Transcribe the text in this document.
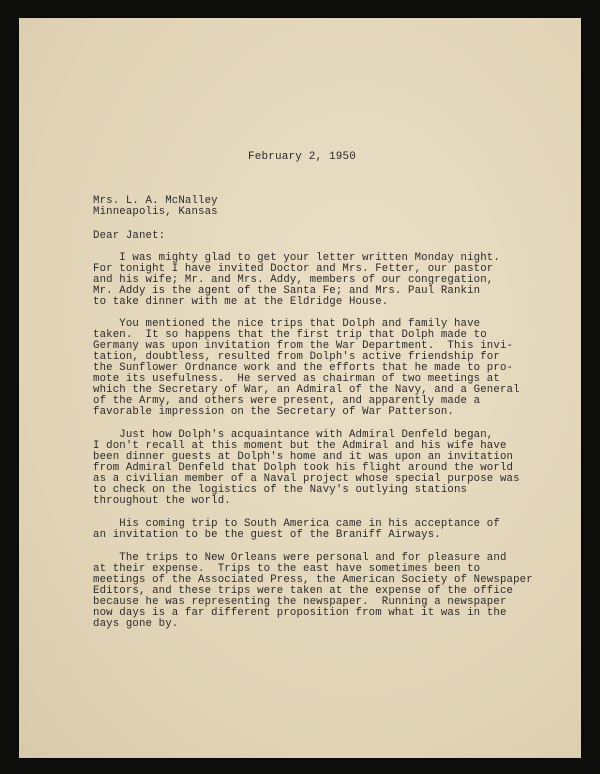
February 2, 1950
Mrs. L. A. McNalley
Minneapolis, Kansas
Dear Janet:
I was mighty glad to get your letter written Monday night.
For tonight I have invited Doctor and Mrs. Fetter, our pastor
and his wife; Mr. and Mrs. Addy, members of our congregation,
Mr. Addy is the agent of the Santa Fe; and Mrs. Paul Rankin
to take dinner with me at the Eldridge House.
You mentioned the nice trips that Dolph and family have
taken.  It so happens that the first trip that Dolph made to
Germany was upon invitation from the War Department.  This invi-
tation, doubtless, resulted from Dolph's active friendship for
the Sunflower Ordnance work and the efforts that he made to pro-
mote its usefulness.  He served as chairman of two meetings at
which the Secretary of War, an Admiral of the Navy, and a General
of the Army, and others were present, and apparently made a
favorable impression on the Secretary of War Patterson.
Just how Dolph's acquaintance with Admiral Denfeld began,
I don't recall at this moment but the Admiral and his wife have
been dinner guests at Dolph's home and it was upon an invitation
from Admiral Denfeld that Dolph took his flight around the world
as a civilian member of a Naval project whose special purpose was
to check on the logistics of the Navy's outlying stations
throughout the world.
His coming trip to South America came in his acceptance of
an invitation to be the guest of the Braniff Airways.
The trips to New Orleans were personal and for pleasure and
at their expense.  Trips to the east have sometimes been to
meetings of the Associated Press, the American Society of Newspaper
Editors, and these trips were taken at the expense of the office
because he was representing the newspaper.  Running a newspaper
now days is a far different proposition from what it was in the
days gone by.
